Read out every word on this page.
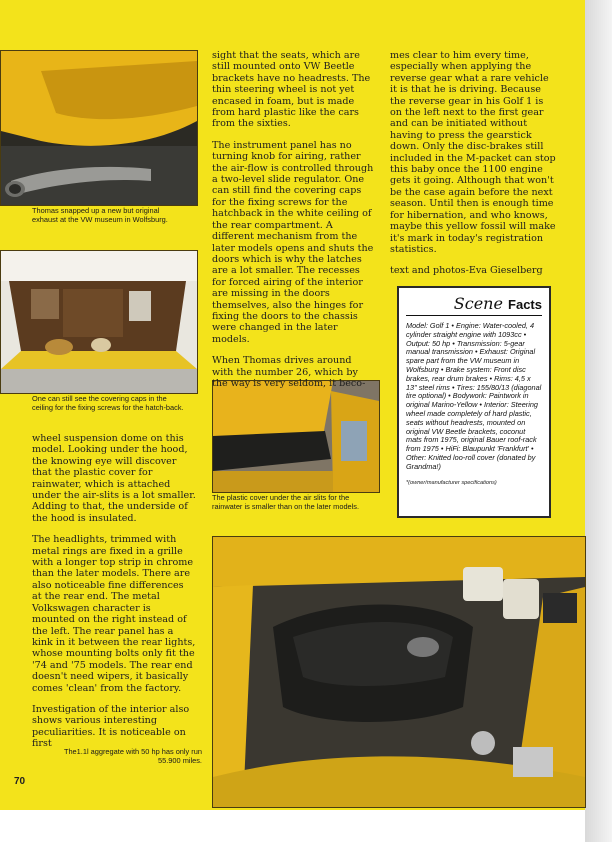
Thomas snapped up a new but original exhaust at the VW museum in Wolfsburg.
One can still see the covering caps in the ceiling for the fixing screws for the hatch-back.
The plastic cover under the air slits for the rainwater is smaller than on the later models.
The1.1l aggregate with 50 hp has only run 55.900 miles.

wheel suspension dome on this model. Looking under the hood, the knowing eye will discover that the plastic cover for rainwater, which is attached under the air-slits is a lot smaller. Adding to that, the underside of the hood is insulated.

The headlights, trimmed with metal rings are fixed in a grille with a longer top strip in chrome than the later models. There are also noticeable fine differences at the rear end. The metal Volkswagen character is mounted on the right instead of the left. The rear panel has a kink in it between the rear lights, whose mounting bolts only fit the '74 and '75 models. The rear end doesn't need wipers, it basically comes 'clean' from the factory.

Investigation of the interior also shows various interesting peculiarities. It is noticeable on first

sight that the seats, which are still mounted onto VW Beetle brackets have no headrests. The thin steering wheel is not yet encased in foam, but is made from hard plastic like the cars from the sixties.

The instrument panel has no turning knob for airing, rather the air-flow is controlled through a two-level slide regulator. One can still find the covering caps for the fixing screws for the hatchback in the white ceiling of the rear compartment. A different mechanism from the later models opens and shuts the doors which is why the latches are a lot smaller. The recesses for forced airing of the interior are missing in the doors themselves, also the hinges for fixing the doors to the chassis were changed in the later models.

When Thomas drives around with the number 26, which by the way is very seldom, it beco-

mes clear to him every time, especially when applying the reverse gear what a rare vehicle it is that he is driving. Because the reverse gear in his Golf 1 is on the left next to the first gear and can be initiated without having to press the gearstick down. Only the disc-brakes still included in the M-packet can stop this baby once the 1100 engine gets it going. Although that won't be the case again before the next season. Until then is enough time for hibernation, and who knows, maybe this yellow fossil will make it's mark in today's registration statistics.

text and photos-Eva Gieselberg

Scene Facts
Model: Golf 1 • Engine: Water-cooled, 4 cylinder straight engine with 1093cc • Output: 50 hp • Transmission: 5-gear manual transmission • Exhaust: Original spare part from the VW museum in Wolfsburg • Brake system: Front disc brakes, rear drum brakes • Rims: 4,5 x 13" steel rims • Tires: 155/80/13 (diagonal tire optional) • Bodywork: Paintwork in original Marino-Yellow • Interior: Steering wheel made completely of hard plastic, seats without headrests, mounted on original VW Beetle brackets, coconut mats from 1975, original Bauer roof-rack from 1975 • HiFi: Blaupunkt 'Frankfurt' • Other: Knitted loo-roll cover (donated by Grandma!)
*(owner/manufacturer specifications)
70
